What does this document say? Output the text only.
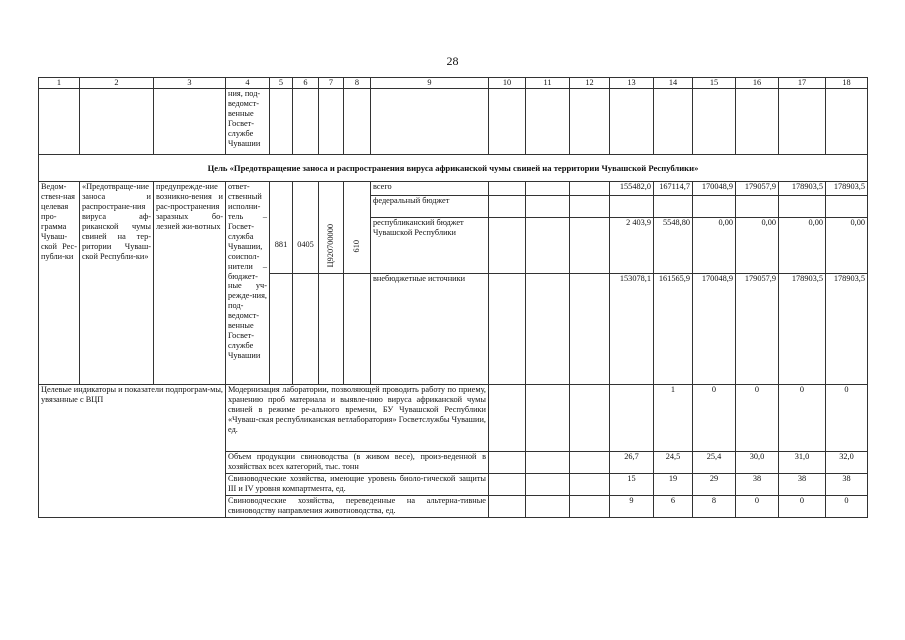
28
1	2	3	4	5	6	7	8	9	10	11	12	13	14	15	16	17	18
			ния, под-ведомст-венные Госвет-службе Чувашии														
Цель «Предотвращение заноса и распространения вируса африканской чумы свиней на территории Чувашской Республики»																	
Ведом-ствен-ная целевая про-грамма Чуваш-ской Рес-публи-ки	«Предотвраще-ние заноса и распростране-ния вируса аф-риканской чумы свиней на тер-ритории Чуваш-ской Республи-ки»	предупрежде-ние возникно-вения и рас-пространения заразных бо-лезней жи-вотных	ответ-ственный исполни-тель – Госвет-служба Чувашии, соиспол-нители – бюджет-ные уч-режде-ния, под-ведомст-венные Госвет-службе Чувашии					всего				155482,0	167114,7	170048,9	179057,9	178903,5	178903,5
								федеральный бюджет									
				881	0405	Ц920700000	610	республиканский бюджет Чувашской Республики				2 403,9	5548,80	0,00	0,00	0,00	0,00
								внебюджетные источники				153078,1	161565,9	170048,9	179057,9	178903,5	178903,5
Целевые индикаторы и показатели подпрограм-мы, увязанные с ВЦП			Модернизация лаборатории, позволяющей проводить работу по приему, хранению проб материала и выявле-нию вируса африканской чумы свиней в режиме ре-ального времени, БУ Чувашской Республики «Чуваш-ская республиканская ветлаборатория» Госветслужбы Чувашии, ед.										1	0	0	0	0
			Объем продукции свиноводства (в живом весе), произ-веденной в хозяйствах всех категорий, тыс. тонн									26,7	24,5	25,4	30,0	31,0	32,0
			Свиноводческие хозяйства, имеющие уровень биоло-гической защиты III и IV уровня компартмента, ед.									15	19	29	38	38	38
			Свиноводческие хозяйства, переведенные на альтерна-тивные свиноводству направления животноводства, ед.									9	6	8	0	0	0
